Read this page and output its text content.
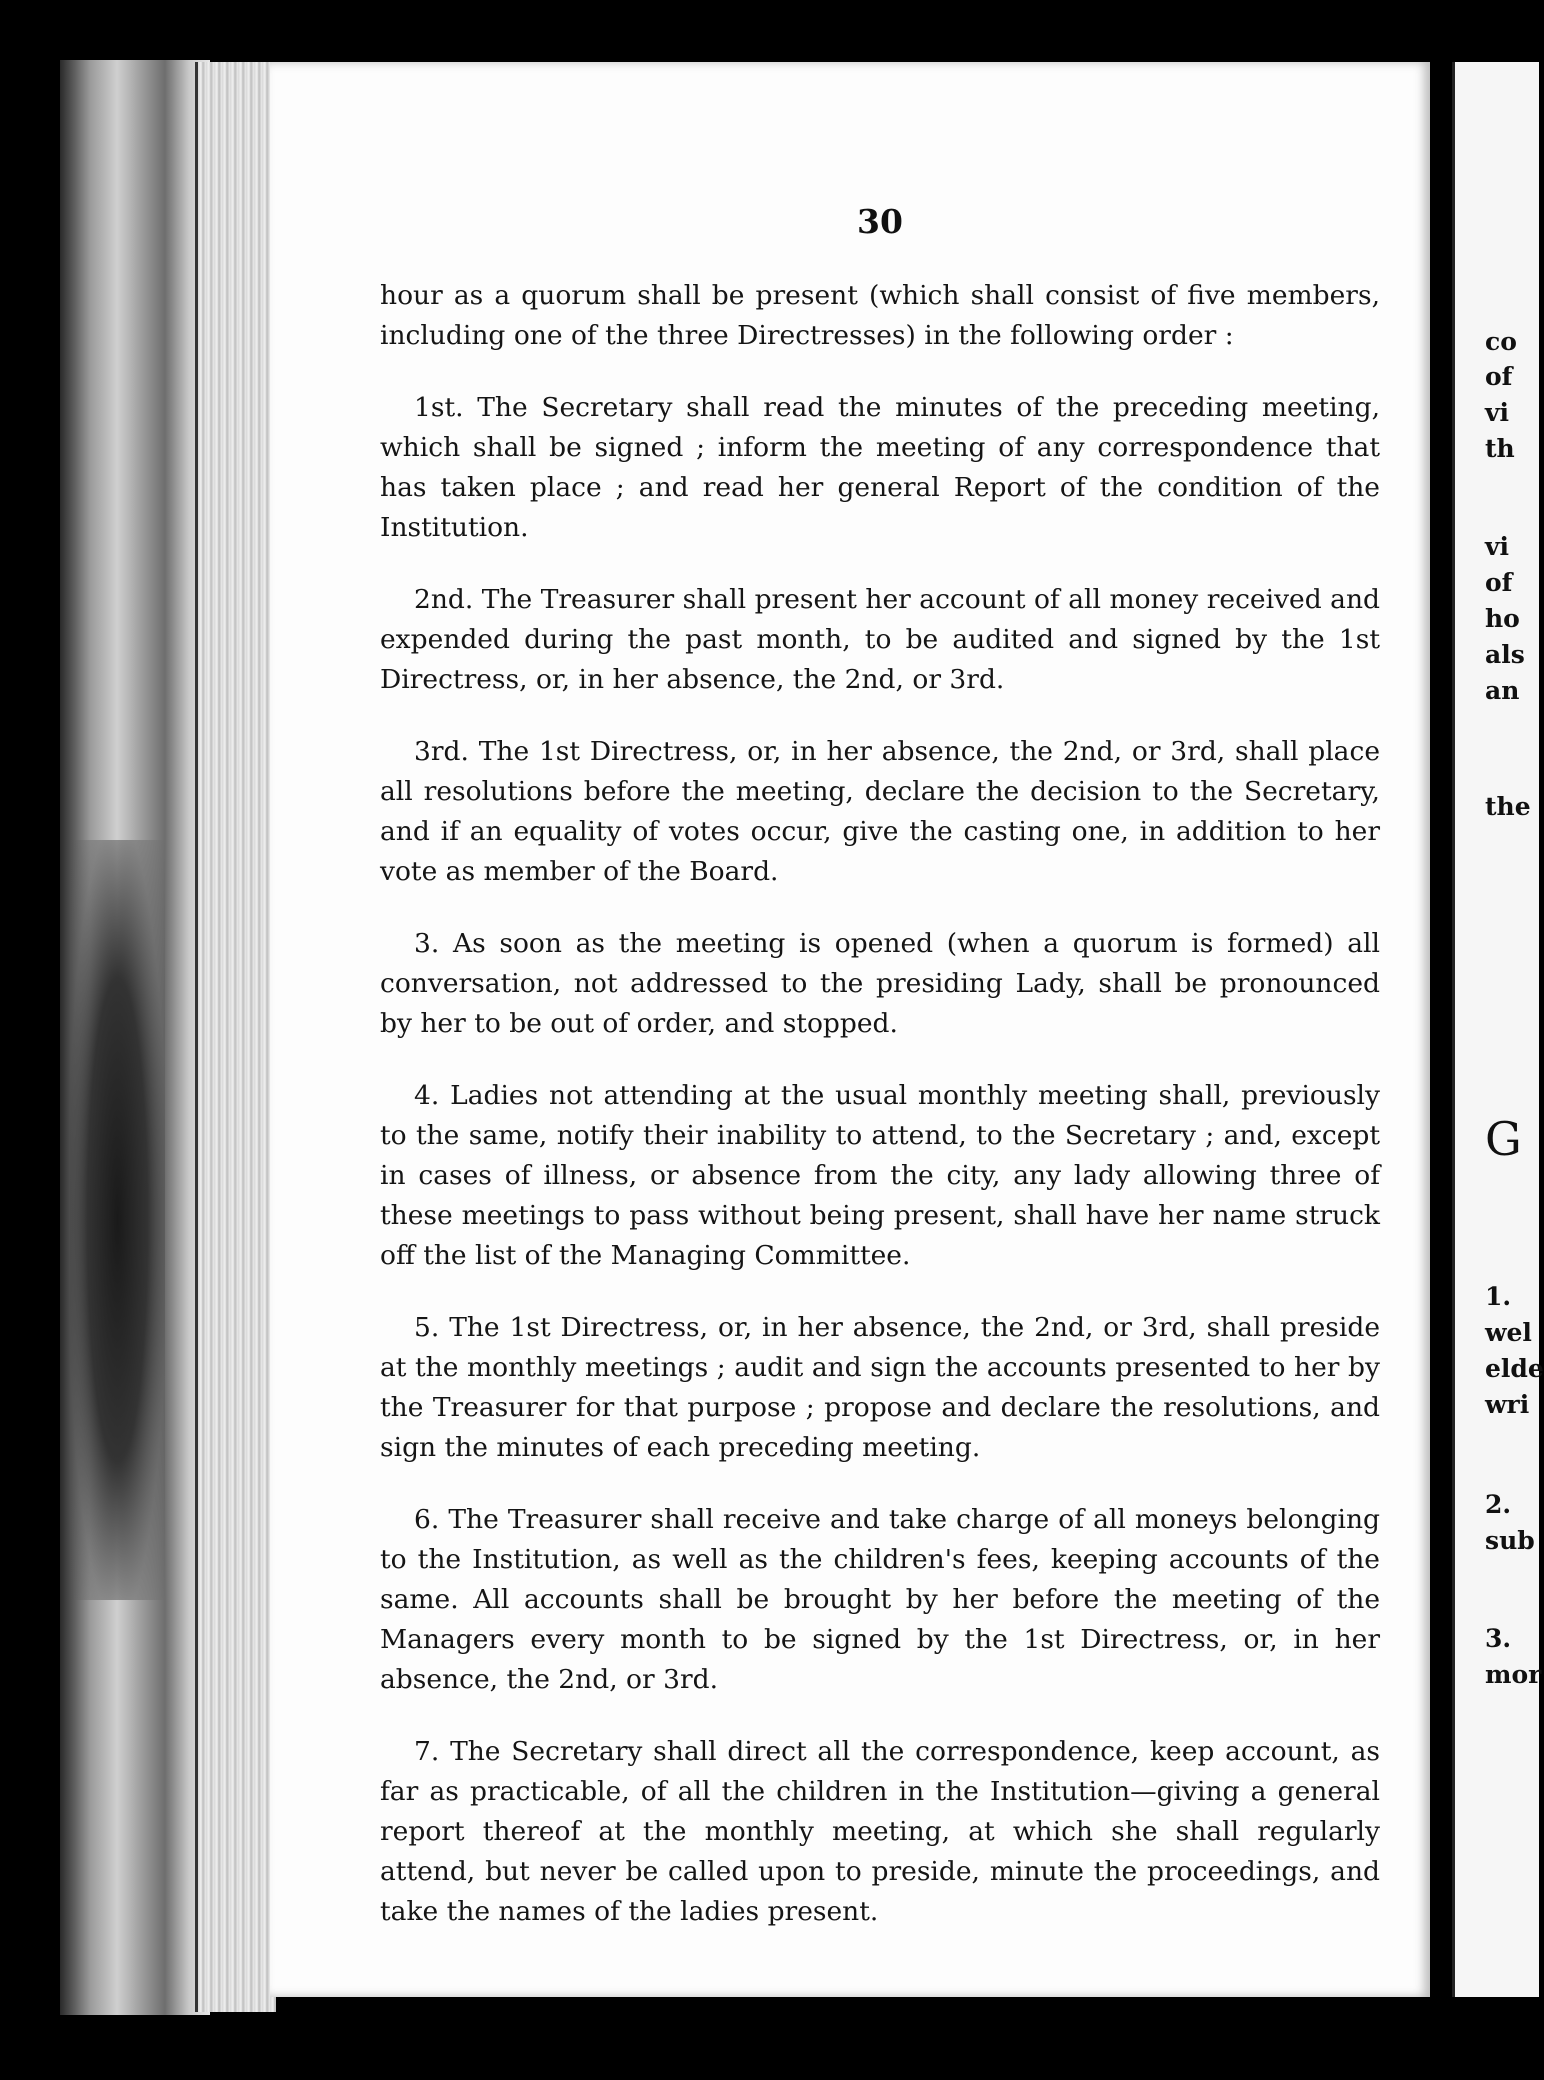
30

hour as a quorum shall be present (which shall consist of five members, including one of the three Directresses) in the following order :

1st. The Secretary shall read the minutes of the preceding meeting, which shall be signed ; inform the meeting of any correspondence that has taken place ; and read her general Report of the condition of the Institution.

2nd. The Treasurer shall present her account of all money received and expended during the past month, to be audited and signed by the 1st Directress, or, in her absence, the 2nd, or 3rd.

3rd. The 1st Directress, or, in her absence, the 2nd, or 3rd, shall place all resolutions before the meeting, declare the decision to the Secretary, and if an equality of votes occur, give the casting one, in addition to her vote as member of the Board.

3. As soon as the meeting is opened (when a quorum is formed) all conversation, not addressed to the presiding Lady, shall be pronounced by her to be out of order, and stopped.

4. Ladies not attending at the usual monthly meeting shall, previously to the same, notify their inability to attend, to the Secretary ; and, except in cases of illness, or absence from the city, any lady allowing three of these meetings to pass without being present, shall have her name struck off the list of the Managing Committee.

5. The 1st Directress, or, in her absence, the 2nd, or 3rd, shall preside at the monthly meetings ; audit and sign the accounts presented to her by the Treasurer for that purpose ; propose and declare the resolutions, and sign the minutes of each preceding meeting.

6. The Treasurer shall receive and take charge of all moneys belonging to the Institution, as well as the children's fees, keeping accounts of the same. All accounts shall be brought by her before the meeting of the Managers every month to be signed by the 1st Directress, or, in her absence, the 2nd, or 3rd.

7. The Secretary shall direct all the correspondence, keep account, as far as practicable, of all the children in the Institution—giving a general report thereof at the monthly meeting, at which she shall regularly attend, but never be called upon to preside, minute the proceedings, and take the names of the ladies present.

co
of
vi
th
vi
of
ho
als
an
the
G
1.
wel
elde
wri
2.
sub
3.
mor
